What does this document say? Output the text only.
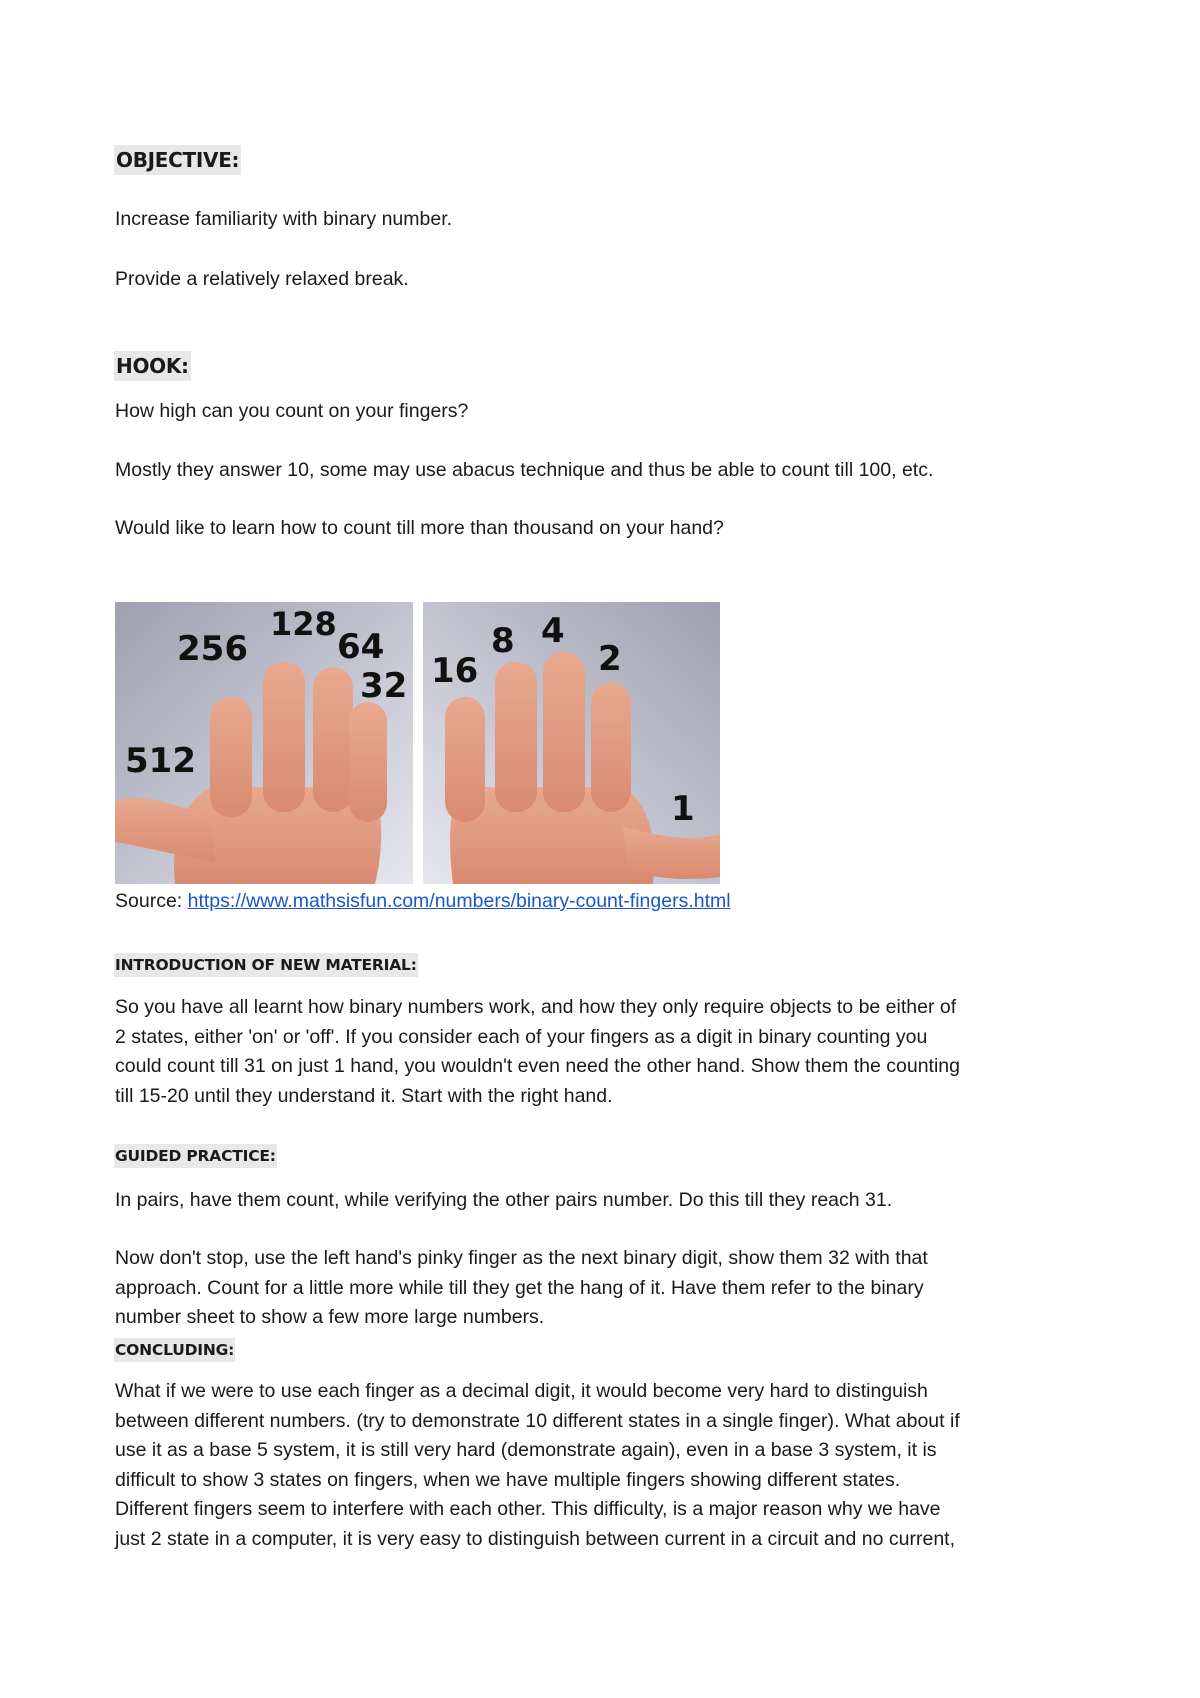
OBJECTIVE:
Increase familiarity with binary number.
Provide a relatively relaxed break.
HOOK:
How high can you count on your fingers?
Mostly they answer 10, some may use abacus technique and thus be able to count till 100, etc.
Would like to learn how to count till more than thousand on your hand?
256
128
64
32
512
16
8 4
2
1
Source: https://www.mathsisfun.com/numbers/binary-count-fingers.html
INTRODUCTION OF NEW MATERIAL:
So you have all learnt how binary numbers work, and how they only require objects to be either of
2 states, either 'on' or 'off'. If you consider each of your fingers as a digit in binary counting you
could count till 31 on just 1 hand, you wouldn't even need the other hand. Show them the counting
till 15-20 until they understand it. Start with the right hand.
GUIDED PRACTICE:
In pairs, have them count, while verifying the other pairs number. Do this till they reach 31.
Now don't stop, use the left hand's pinky finger as the next binary digit, show them 32 with that
approach. Count for a little more while till they get the hang of it. Have them refer to the binary
number sheet to show a few more large numbers.
CONCLUDING:
What if we were to use each finger as a decimal digit, it would become very hard to distinguish
between different numbers. (try to demonstrate 10 different states in a single finger). What about if
use it as a base 5 system, it is still very hard (demonstrate again), even in a base 3 system, it is
difficult to show 3 states on fingers, when we have multiple fingers showing different states.
Different fingers seem to interfere with each other. This difficulty, is a major reason why we have
just 2 state in a computer, it is very easy to distinguish between current in a circuit and no current,
